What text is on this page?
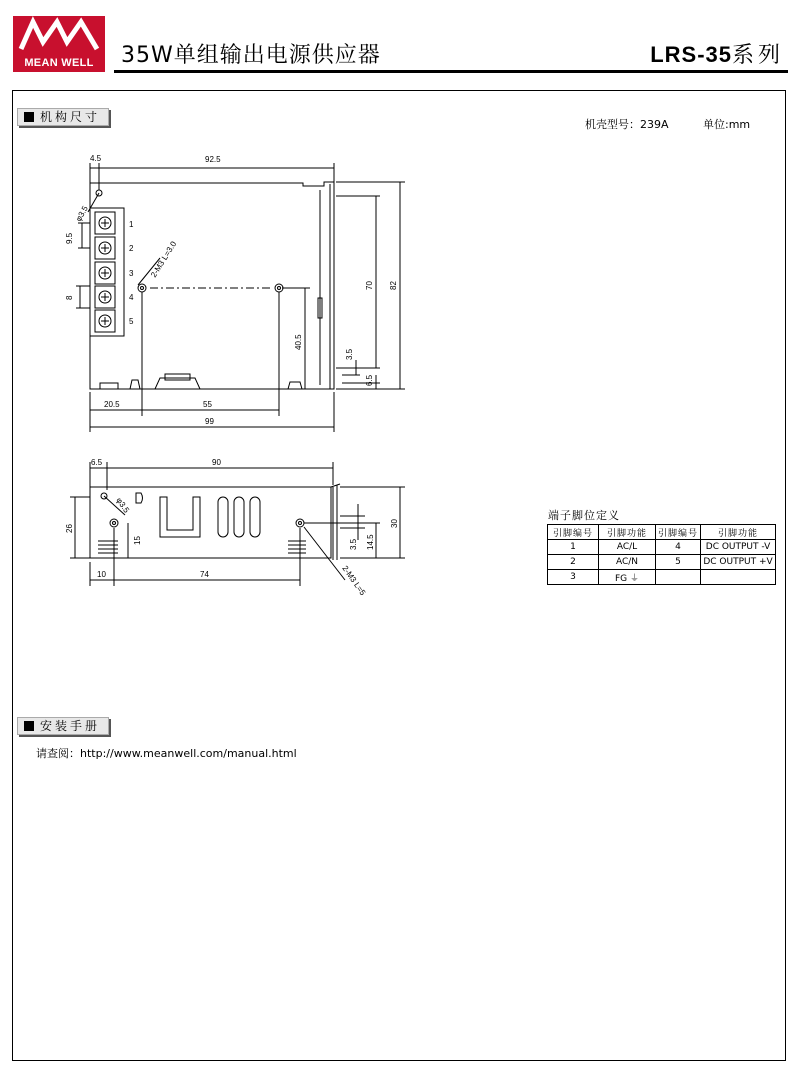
MEAN WELL	35W单组输出电源供应器	LRS-35系列
机构尺寸
机壳型号：239A	单位:mm
4.5	92.5
φ3.5
9.5
2-M3 L=3.0
8
70 82
40.5
3.5
6.5
20.5	55
99
1
2
3
4
5
6.5	90
26
φ3.5
15	3.5 14.5
30
10	74	2-M3 L=5
端子脚位定义
引脚编号	引脚功能	引脚编号	引脚功能
1	AC/L	4	DC OUTPUT -V
2	AC/N	5	DC OUTPUT +V
3	FG ⏚		
安装手册
请查阅：http://www.meanwell.com/manual.html
